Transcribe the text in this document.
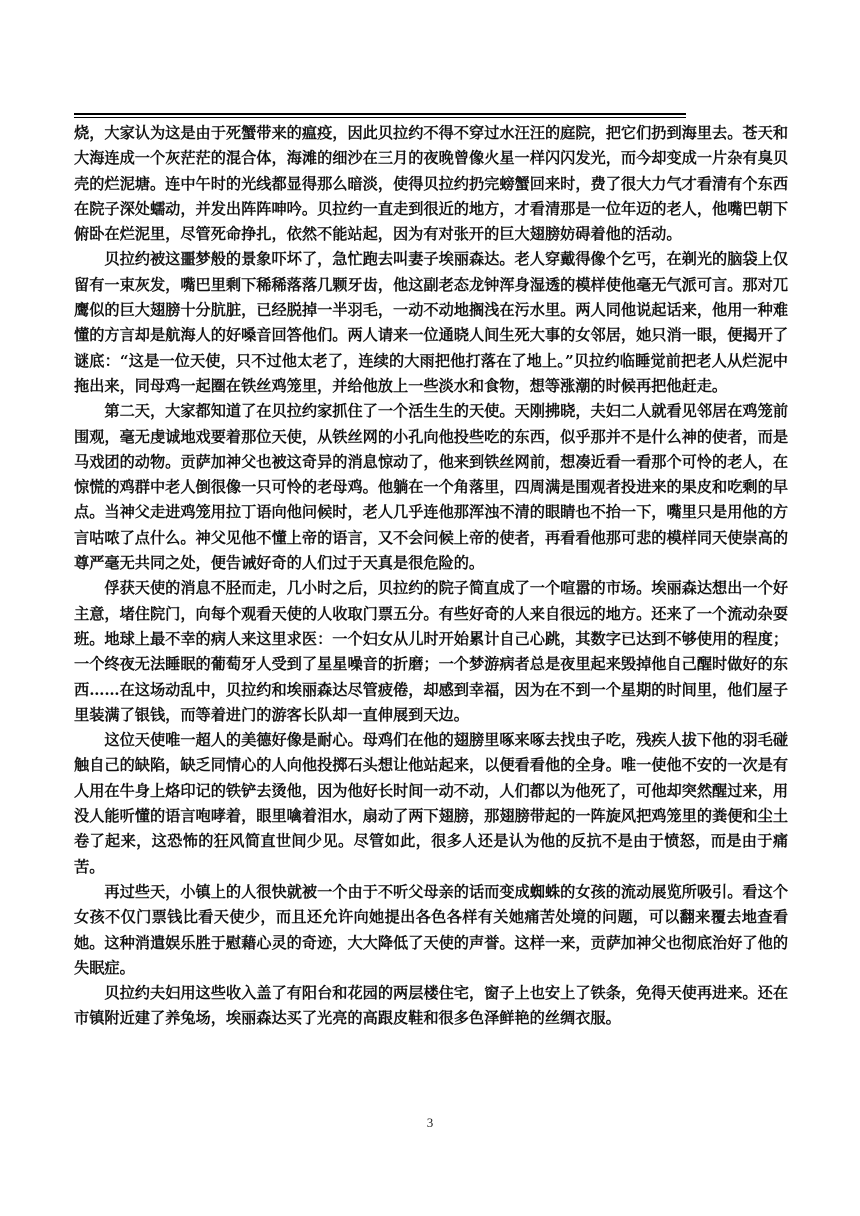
烧，大家认为这是由于死蟹带来的瘟疫，因此贝拉约不得不穿过水汪汪的庭院，把它们扔到海里去。苍天和大海连成一个灰茫茫的混合体，海滩的细沙在三月的夜晚曾像火星一样闪闪发光，而今却变成一片杂有臭贝壳的烂泥塘。连中午时的光线都显得那么暗淡，使得贝拉约扔完螃蟹回来时，费了很大力气才看清有个东西在院子深处蠕动，并发出阵阵呻吟。贝拉约一直走到很近的地方，才看清那是一位年迈的老人，他嘴巴朝下俯卧在烂泥里，尽管死命挣扎，依然不能站起，因为有对张开的巨大翅膀妨碍着他的活动。

贝拉约被这噩梦般的景象吓坏了，急忙跑去叫妻子埃丽森达。老人穿戴得像个乞丐，在剃光的脑袋上仅留有一束灰发，嘴巴里剩下稀稀落落几颗牙齿，他这副老态龙钟浑身湿透的模样使他毫无气派可言。那对兀鹰似的巨大翅膀十分肮脏，已经脱掉一半羽毛，一动不动地搁浅在污水里。两人同他说起话来，他用一种难懂的方言却是航海人的好嗓音回答他们。两人请来一位通晓人间生死大事的女邻居，她只消一眼，便揭开了谜底：“这是一位天使，只不过他太老了，连续的大雨把他打落在了地上。”贝拉约临睡觉前把老人从烂泥中拖出来，同母鸡一起圈在铁丝鸡笼里，并给他放上一些淡水和食物，想等涨潮的时候再把他赶走。

第二天，大家都知道了在贝拉约家抓住了一个活生生的天使。天刚拂晓，夫妇二人就看见邻居在鸡笼前围观，毫无虔诚地戏要着那位天使，从铁丝网的小孔向他投些吃的东西，似乎那并不是什么神的使者，而是马戏团的动物。贡萨加神父也被这奇异的消息惊动了，他来到铁丝网前，想凑近看一看那个可怜的老人，在惊慌的鸡群中老人倒很像一只可怜的老母鸡。他躺在一个角落里，四周满是围观者投进来的果皮和吃剩的早点。当神父走进鸡笼用拉丁语向他问候时，老人几乎连他那浑浊不清的眼睛也不抬一下，嘴里只是用他的方言咕哝了点什么。神父见他不懂上帝的语言，又不会问候上帝的使者，再看看他那可悲的模样同天使崇高的尊严毫无共同之处，便告诫好奇的人们过于天真是很危险的。

俘获天使的消息不胫而走，几小时之后，贝拉约的院子简直成了一个喧嚣的市场。埃丽森达想出一个好主意，堵住院门，向每个观看天使的人收取门票五分。有些好奇的人来自很远的地方。还来了一个流动杂耍班。地球上最不幸的病人来这里求医：一个妇女从儿时开始累计自己心跳，其数字已达到不够使用的程度；一个终夜无法睡眠的葡萄牙人受到了星星噪音的折磨；一个梦游病者总是夜里起来毁掉他自己醒时做好的东西……在这场动乱中，贝拉约和埃丽森达尽管疲倦，却感到幸福，因为在不到一个星期的时间里，他们屋子里装满了银钱，而等着进门的游客长队却一直伸展到天边。

这位天使唯一超人的美德好像是耐心。母鸡们在他的翅膀里啄来啄去找虫子吃，残疾人拔下他的羽毛碰触自己的缺陷，缺乏同情心的人向他投掷石头想让他站起来，以便看看他的全身。唯一使他不安的一次是有人用在牛身上烙印记的铁铲去烫他，因为他好长时间一动不动，人们都以为他死了，可他却突然醒过来，用没人能听懂的语言咆哮着，眼里噙着泪水，扇动了两下翅膀，那翅膀带起的一阵旋风把鸡笼里的粪便和尘土卷了起来，这恐怖的狂风简直世间少见。尽管如此，很多人还是认为他的反抗不是由于愤怒，而是由于痛苦。

再过些天，小镇上的人很快就被一个由于不听父母亲的话而变成蜘蛛的女孩的流动展览所吸引。看这个女孩不仅门票钱比看天使少，而且还允许向她提出各色各样有关她痛苦处境的问题，可以翻来覆去地查看她。这种消遣娱乐胜于慰藉心灵的奇迹，大大降低了天使的声誉。这样一来，贡萨加神父也彻底治好了他的失眠症。

贝拉约夫妇用这些收入盖了有阳台和花园的两层楼住宅，窗子上也安上了铁条，免得天使再进来。还在市镇附近建了养兔场，埃丽森达买了光亮的高跟皮鞋和很多色泽鲜艳的丝绸衣服。

3
